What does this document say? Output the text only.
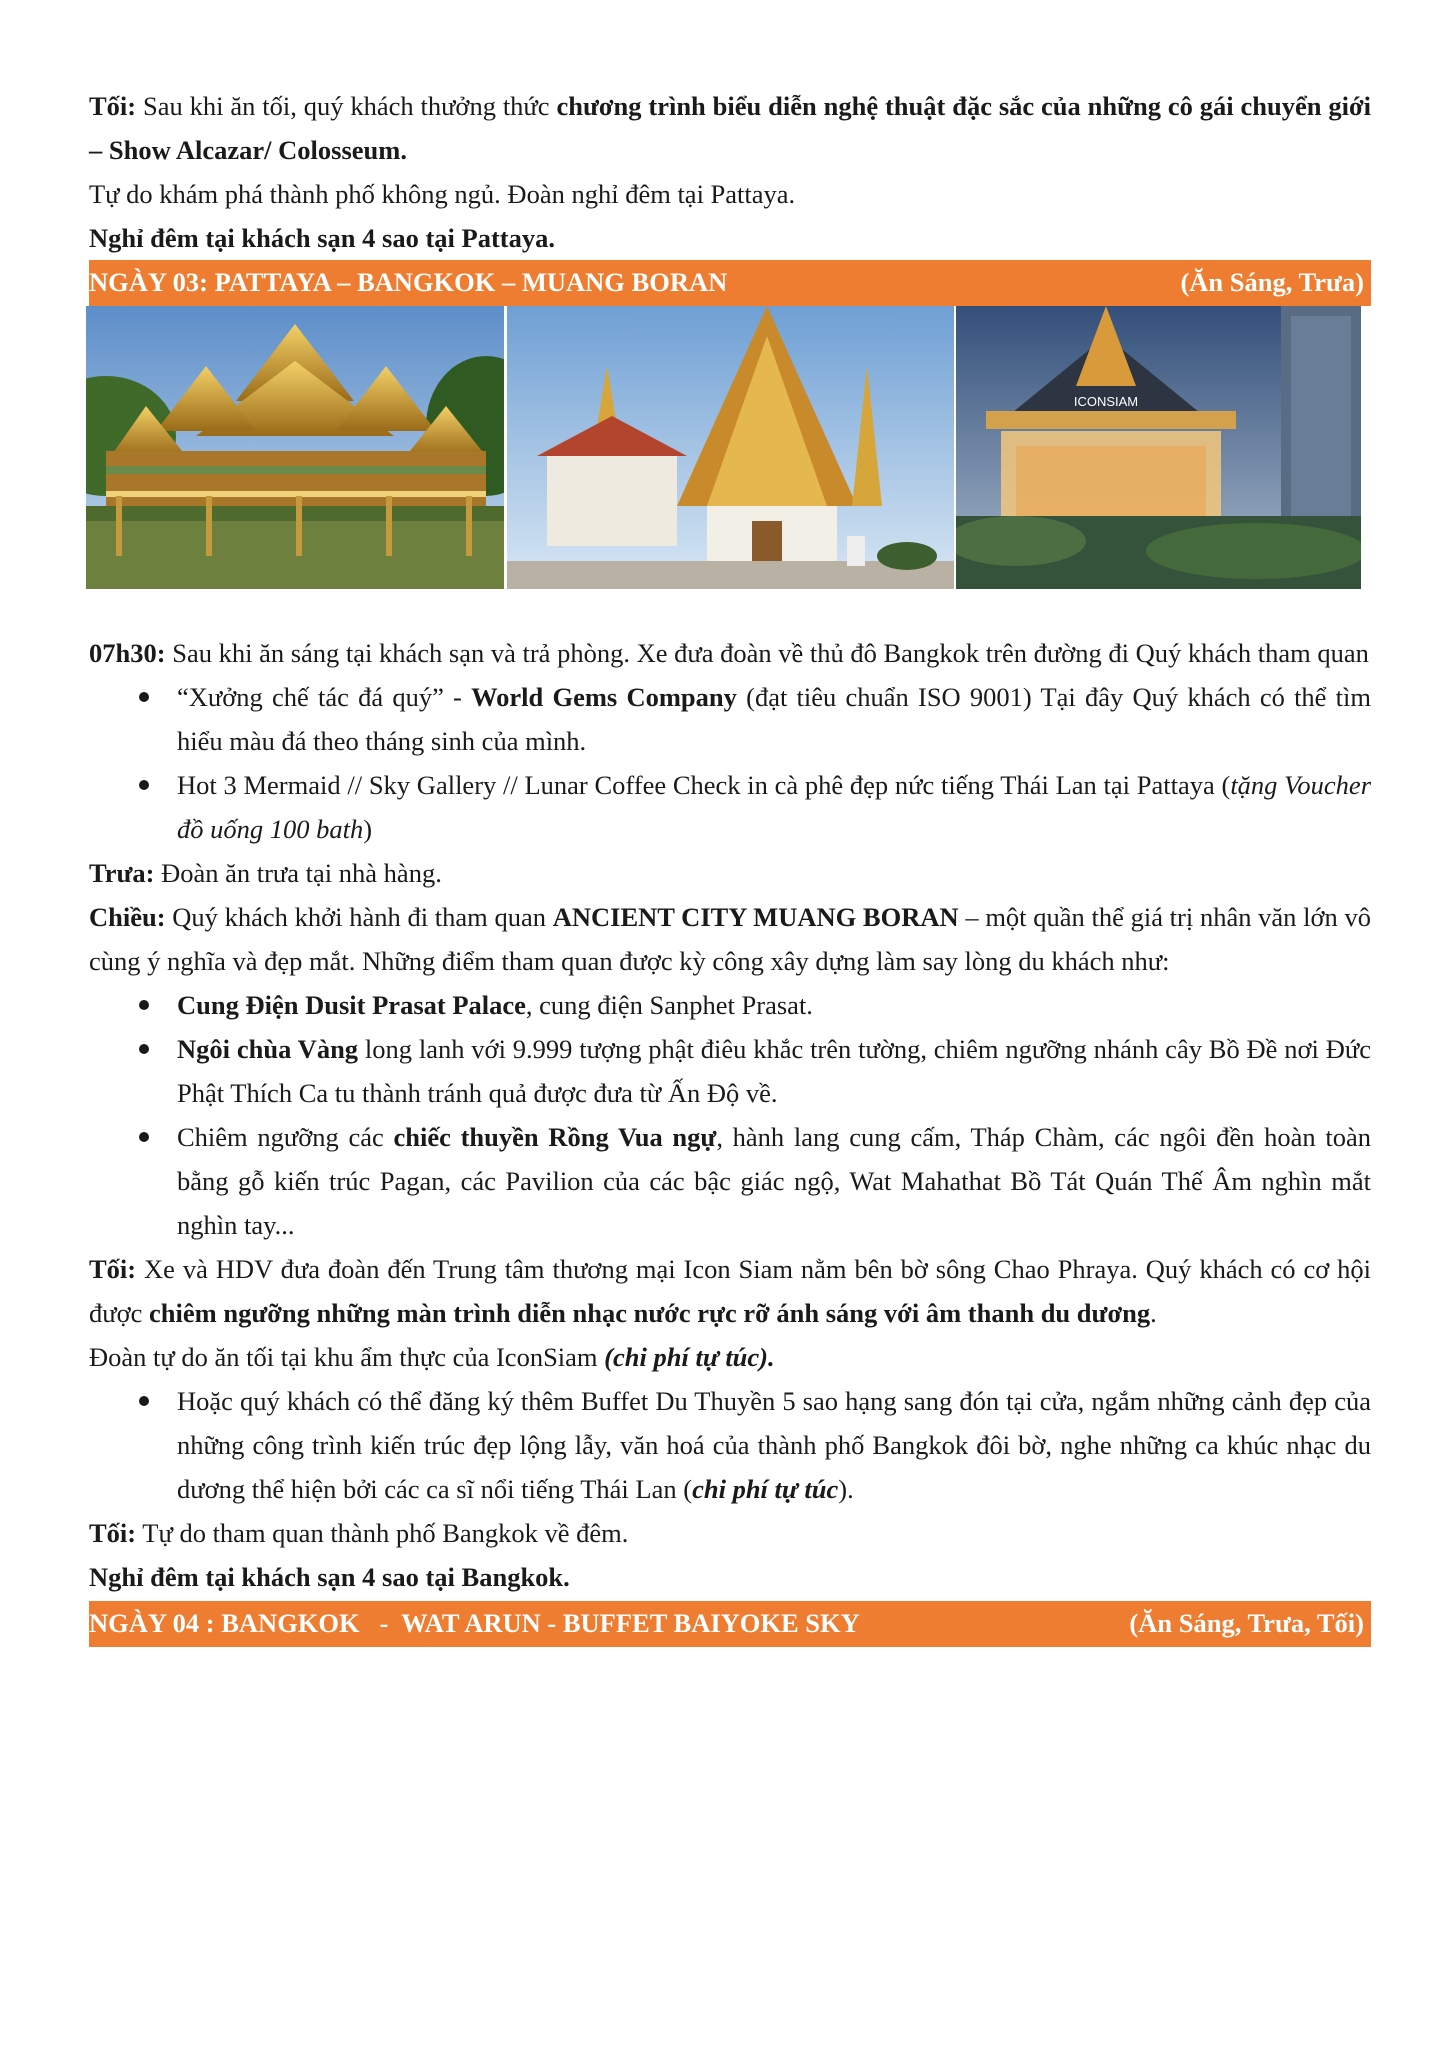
Tối: Sau khi ăn tối, quý khách thưởng thức chương trình biểu diễn nghệ thuật đặc sắc của những cô gái chuyển giới – Show Alcazar/ Colosseum.

Tự do khám phá thành phố không ngủ. Đoàn nghỉ đêm tại Pattaya.

Nghỉ đêm tại khách sạn 4 sao tại Pattaya.

NGÀY 03: PATTAYA – BANGKOK – MUANG BORAN	(Ăn Sáng, Trưa)
ICONSIAM

07h30: Sau khi ăn sáng tại khách sạn và trả phòng. Xe đưa đoàn về thủ đô Bangkok trên đường đi Quý khách tham quan

“Xưởng chế tác đá quý” - World Gems Company (đạt tiêu chuẩn ISO 9001) Tại đây Quý khách có thể tìm hiểu màu đá theo tháng sinh của mình.
Hot 3 Mermaid // Sky Gallery // Lunar Coffee Check in cà phê đẹp nức tiếng Thái Lan tại Pattaya (tặng Voucher đồ uống 100 bath)

Trưa: Đoàn ăn trưa tại nhà hàng.

Chiều: Quý khách khởi hành đi tham quan ANCIENT CITY MUANG BORAN – một quần thể giá trị nhân văn lớn vô cùng ý nghĩa và đẹp mắt. Những điểm tham quan được kỳ công xây dựng làm say lòng du khách như:

Cung Điện Dusit Prasat Palace, cung điện Sanphet Prasat.
Ngôi chùa Vàng long lanh với 9.999 tượng phật điêu khắc trên tường, chiêm ngưỡng nhánh cây Bồ Đề nơi Đức Phật Thích Ca tu thành tránh quả được đưa từ Ấn Độ về.
Chiêm ngưỡng các chiếc thuyền Rồng Vua ngự, hành lang cung cấm, Tháp Chàm, các ngôi đền hoàn toàn bằng gỗ kiến trúc Pagan, các Pavilion của các bậc giác ngộ, Wat Mahathat Bồ Tát Quán Thế Âm nghìn mắt nghìn tay...

Tối: Xe và HDV đưa đoàn đến Trung tâm thương mại Icon Siam nằm bên bờ sông Chao Phraya. Quý khách có cơ hội được chiêm ngưỡng những màn trình diễn nhạc nước rực rỡ ánh sáng với âm thanh du dương.

Đoàn tự do ăn tối tại khu ẩm thực của IconSiam (chi phí tự túc).

Hoặc quý khách có thể đăng ký thêm Buffet Du Thuyền 5 sao hạng sang đón tại cửa, ngắm những cảnh đẹp của những công trình kiến trúc đẹp lộng lẫy, văn hoá của thành phố Bangkok đôi bờ, nghe những ca khúc nhạc du dương thể hiện bởi các ca sĩ nổi tiếng Thái Lan (chi phí tự túc).

Tối: Tự do tham quan thành phố Bangkok về đêm.

Nghỉ đêm tại khách sạn 4 sao tại Bangkok.

NGÀY 04 : BANGKOK   -  WAT ARUN - BUFFET BAIYOKE SKY	(Ăn Sáng, Trưa, Tối)
